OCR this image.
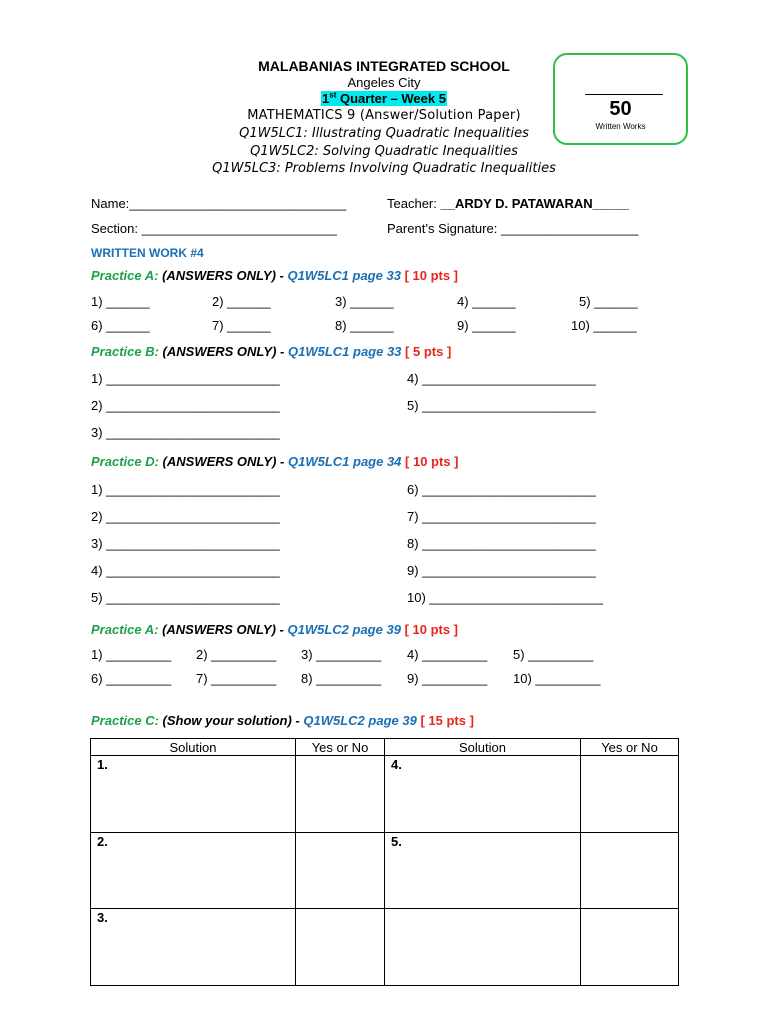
MALABANIAS INTEGRATED SCHOOL
Angeles City
1st Quarter – Week 5
MATHEMATICS 9 (Answer/Solution Paper)
Q1W5LC1: Illustrating Quadratic Inequalities
Q1W5LC2: Solving Quadratic Inequalities
Q1W5LC3: Problems Involving Quadratic Inequalities
50
Written Works
Name:______________________________	Teacher: __ARDY D. PATAWARAN_____
Section: ___________________________	Parent’s Signature: ___________________
WRITTEN WORK #4
Practice A: (ANSWERS ONLY) - Q1W5LC1 page 33 [ 10 pts ]
1) ______	2) ______	3) ______	4) ______	5) ______
6) ______	7) ______	8) ______	9) ______	10) ______
Practice B: (ANSWERS ONLY) - Q1W5LC1 page 33 [ 5 pts ]
1) ________________________
2) ________________________
3) ________________________
4) ________________________
5) ________________________
Practice D: (ANSWERS ONLY) - Q1W5LC1 page 34 [ 10 pts ]
1) ________________________
2) ________________________
3) ________________________
4) ________________________
5) ________________________
6) ________________________
7) ________________________
8) ________________________
9) ________________________
10) ________________________
Practice A: (ANSWERS ONLY) - Q1W5LC2 page 39 [ 10 pts ]
1) _________ 2) _________ 3) _________ 4) _________ 5) _________
6) _________ 7) _________ 8) _________ 9) _________ 10) _________
Practice C: (Show your solution) - Q1W5LC2 page 39 [ 15 pts ]
Solution	Yes or No	Solution	Yes or No
1.		4.	
2.		5.	
3.			
